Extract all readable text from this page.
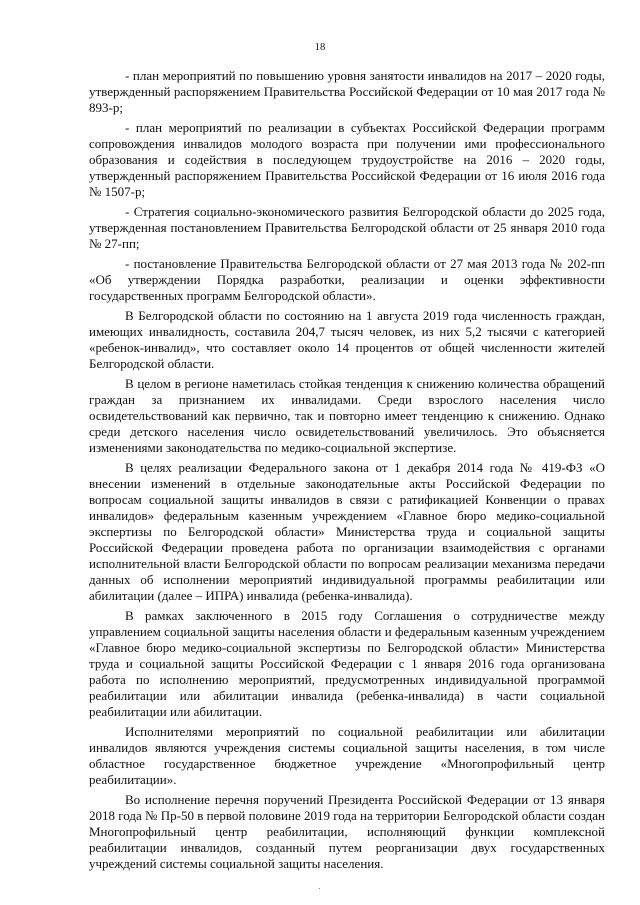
18

- план мероприятий по повышению уровня занятости инвалидов на 2017 – 2020 годы, утвержденный распоряжением Правительства Российской Федерации от 10 мая 2017 года № 893-р;

- план мероприятий по реализации в субъектах Российской Федерации программ сопровождения инвалидов молодого возраста при получении ими профессионального образования и содействия в последующем трудоустройстве на 2016 – 2020 годы, утвержденный распоряжением Правительства Российской Федерации от 16 июля 2016 года № 1507-р;

- Стратегия социально-экономического развития Белгородской области до 2025 года, утвержденная постановлением Правительства Белгородской области от 25 января 2010 года № 27-пп;

- постановление Правительства Белгородской области от 27 мая 2013 года № 202-пп «Об утверждении Порядка разработки, реализации и оценки эффективности государственных программ Белгородской области».

В Белгородской области по состоянию на 1 августа 2019 года численность граждан, имеющих инвалидность, составила 204,7 тысяч человек, из них 5,2 тысячи с категорией «ребенок-инвалид», что составляет около 14 процентов от общей численности жителей Белгородской области.

В целом в регионе наметилась стойкая тенденция к снижению количества обращений граждан за признанием их инвалидами. Среди взрослого населения число освидетельствований как первично, так и повторно имеет тенденцию к снижению. Однако среди детского населения число освидетельствований увеличилось. Это объясняется изменениями законодательства по медико-социальной экспертизе.

В целях реализации Федерального закона от 1 декабря 2014 года № 419-ФЗ «О внесении изменений в отдельные законодательные акты Российской Федерации по вопросам социальной защиты инвалидов в связи с ратификацией Конвенции о правах инвалидов» федеральным казенным учреждением «Главное бюро медико-социальной экспертизы по Белгородской области» Министерства труда и социальной защиты Российской Федерации проведена работа по организации взаимодействия с органами исполнительной власти Белгородской области по вопросам реализации механизма передачи данных об исполнении мероприятий индивидуальной программы реабилитации или абилитации (далее – ИПРА) инвалида (ребенка-инвалида).

В рамках заключенного в 2015 году Соглашения о сотрудничестве между управлением социальной защиты населения области и федеральным казенным учреждением «Главное бюро медико-социальной экспертизы по Белгородской области» Министерства труда и социальной защиты Российской Федерации с 1 января 2016 года организована работа по исполнению мероприятий, предусмотренных индивидуальной программой реабилитации или абилитации инвалида (ребенка-инвалида) в части социальной реабилитации или абилитации.

Исполнителями мероприятий по социальной реабилитации или абилитации инвалидов являются учреждения системы социальной защиты населения, в том числе областное государственное бюджетное учреждение «Многопрофильный центр реабилитации».

Во исполнение перечня поручений Президента Российской Федерации от 13 января 2018 года № Пр-50 в первой половине 2019 года на территории Белгородской области создан Многопрофильный центр реабилитации, исполняющий функции комплексной реабилитации инвалидов, созданный путем реорганизации двух государственных учреждений системы социальной защиты населения.
